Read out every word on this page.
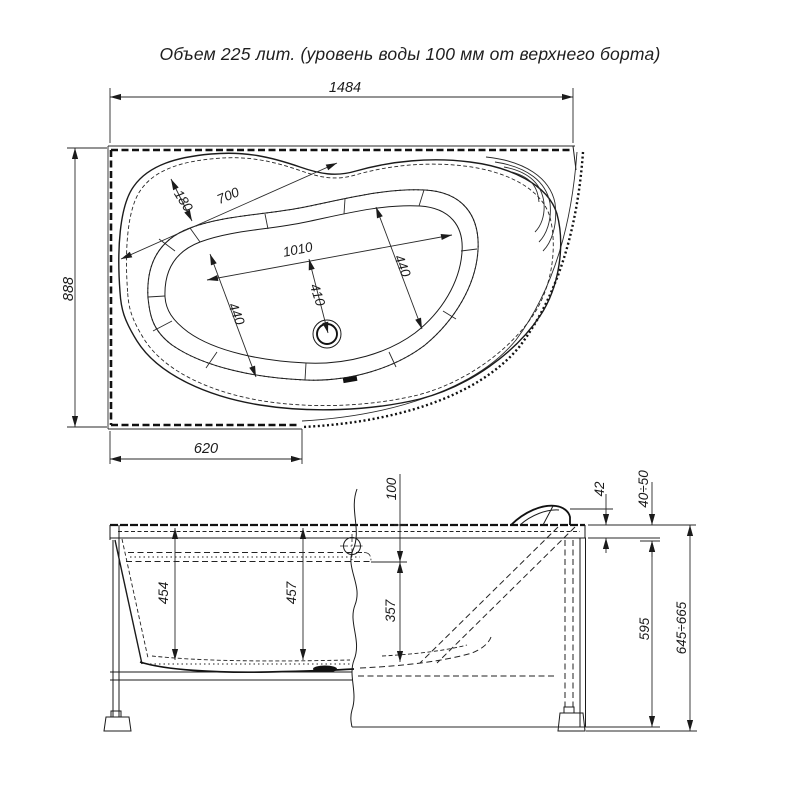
Объем 225 лит. (уровень воды 100 мм от верхнего борта)
1484
888
620
180 700
1010
440
410
440
100
357
454	457
42 40÷50
595 645÷665
